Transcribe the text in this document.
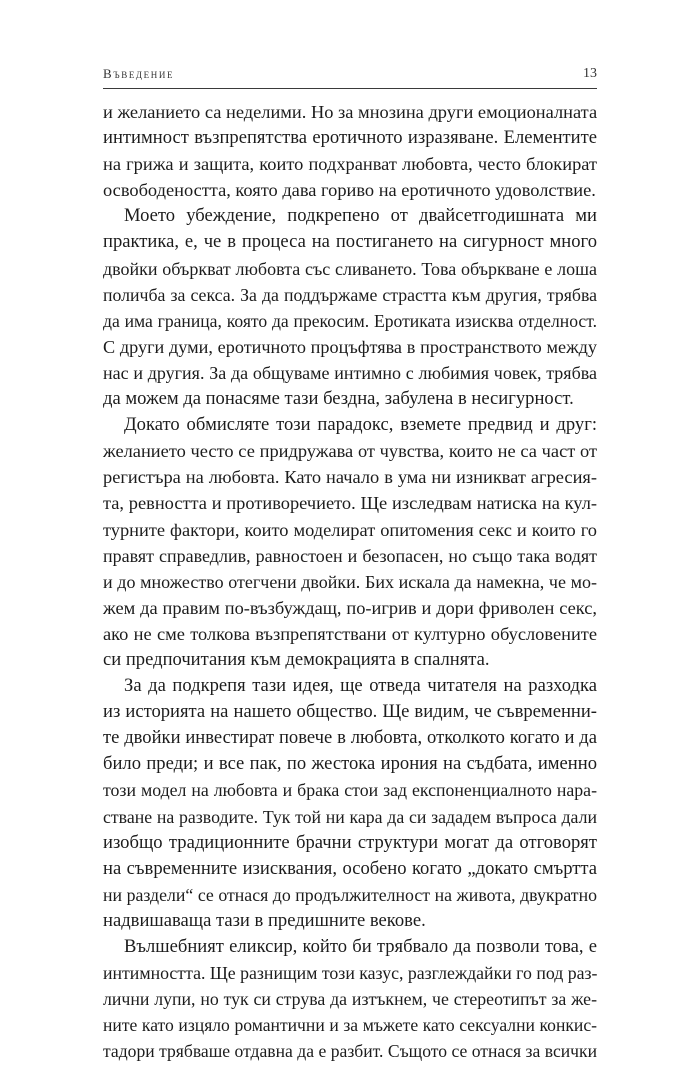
Въведение	13
и желанието са неделими. Но за мнозина други емоционалната
интимност възпрепятства еротичното изразяване. Елементите
на грижа и защита, които подхранват любовта, често блокират
освободеността, която дава гориво на еротичното удоволствие.
Моето убеждение, подкрепено от двайсетгодишната ми
практика, е, че в процеса на постигането на сигурност много
двойки объркват любовта със сливането. Това объркване е лоша
поличба за секса. За да поддържаме страстта към другия, трябва
да има граница, която да прекосим. Еротиката изисква отделност.
С други думи, еротичното процъфтява в пространството между
нас и другия. За да общуваме интимно с любимия човек, трябва
да можем да понасяме тази бездна, забулена в несигурност.
Докато обмисляте този парадокс, вземете предвид и друг:
желанието често се придружава от чувства, които не са част от
регистъра на любовта. Като начало в ума ни изникват агресия-
та, ревността и противоречието. Ще изследвам натиска на кул-
турните фактори, които моделират опитомения секс и които го
правят справедлив, равностоен и безопасен, но също така водят
и до множество отегчени двойки. Бих искала да намекна, че мо-
жем да правим по-възбуждащ, по-игрив и дори фриволен секс,
ако не сме толкова възпрепятствани от културно обусловените
си предпочитания към демокрацията в спалнята.
За да подкрепя тази идея, ще отведа читателя на разходка
из историята на нашето общество. Ще видим, че съвременни-
те двойки инвестират повече в любовта, отколкото когато и да
било преди; и все пак, по жестока ирония на съдбата, именно
този модел на любовта и брака стои зад експоненциалното нара-
стване на разводите. Тук той ни кара да си зададем въпроса дали
изобщо традиционните брачни структури могат да отговорят
на съвременните изисквания, особено когато „докато смъртта
ни раздели“ се отнася до продължителност на живота, двукратно
надвишаваща тази в предишните векове.
Вълшебният еликсир, който би трябвало да позволи това, е
интимността. Ще разнищим този казус, разглеждайки го под раз-
лични лупи, но тук си струва да изтъкнем, че стереотипът за же-
ните като изцяло романтични и за мъжете като сексуални конкис-
тадори трябваше отдавна да е разбит. Същото се отнася за всички
